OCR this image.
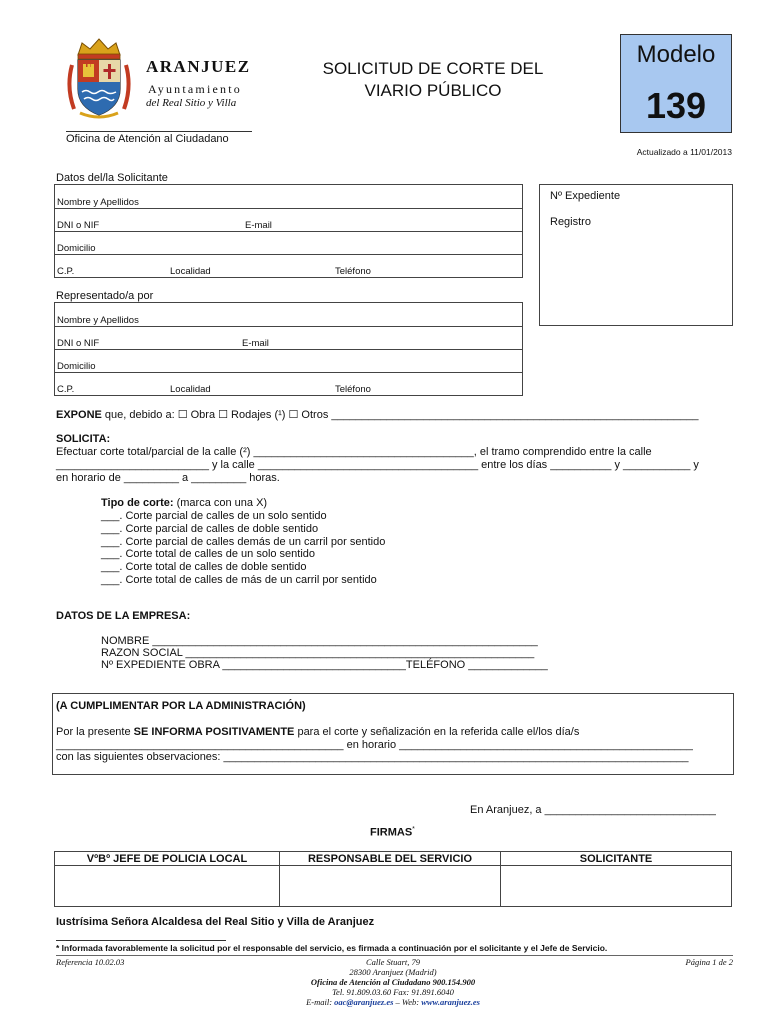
ARANJUEZ
Ayuntamiento
del Real Sitio y Villa
Oficina de Atención al Ciudadano
SOLICITUD DE CORTE DEL
VIARIO PÚBLICO
Modelo
139
Actualizado a 11/01/2013
Datos del/la Solicitante
Nombre y Apellidos
DNI o NIF	E-mail
Domicilio
C.P.	Localidad	Teléfono
Nº Expediente
Registro
Representado/a por
Nombre y Apellidos
DNI o NIF	E-mail
Domicilio
C.P.	Localidad	Teléfono
EXPONE que, debido a: ☐ Obra ☐ Rodajes (¹) ☐ Otros ____________________________________________________________
SOLICITA:
Efectuar corte total/parcial de la calle (²) ____________________________________, el tramo comprendido entre la calle
_________________________ y la calle ____________________________________ entre los días __________ y ___________ y
en horario de _________ a _________ horas.
Tipo de corte: (marca con una X)
___. Corte parcial de calles de un solo sentido
___. Corte parcial de calles de doble sentido
___. Corte parcial de calles demás de un carril por sentido
___. Corte total de calles de un solo sentido
___. Corte total de calles de doble sentido
___. Corte total de calles de más de un carril por sentido
DATOS DE LA EMPRESA:
NOMBRE _______________________________________________________________
RAZON SOCIAL _________________________________________________________
Nº EXPEDIENTE OBRA ______________________________TELÉFONO _____________
(A CUMPLIMENTAR POR LA ADMINISTRACIÓN)
Por la presente SE INFORMA POSITIVAMENTE para el corte y señalización en la referida calle el/los día/s
_______________________________________________ en horario ________________________________________________
con las siguientes observaciones: ____________________________________________________________________________
En Aranjuez, a ____________________________
FIRMAS*
VºBº JEFE DE POLICIA LOCAL	RESPONSABLE DEL SERVICIO	SOLICITANTE

Iustrísima Señora Alcaldesa del Real Sitio y Villa de Aranjuez
* Informada favorablemente la solicitud por el responsable del servicio, es firmada a continuación por el solicitante y el Jefe de Servicio.
Referencia 10.02.03	Página 1 de 2
Calle Stuart, 79
28300 Aranjuez (Madrid)
Oficina de Atención al Ciudadano 900.154.900
Tel. 91.809.03.60 Fax: 91.891.6040
E-mail: oac@aranjuez.es – Web: www.aranjuez.es
